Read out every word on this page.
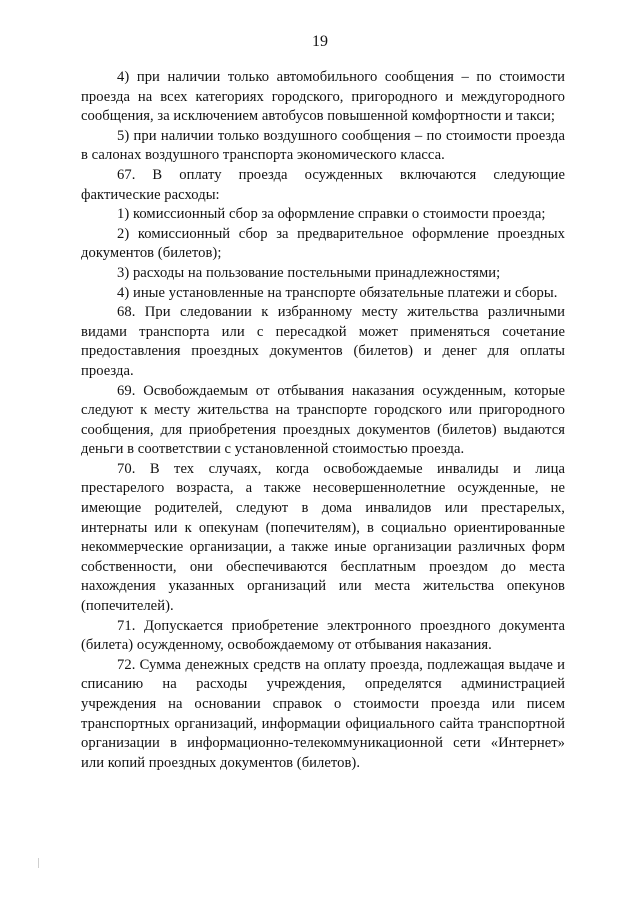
19

4) при наличии только автомобильного сообщения – по стоимости проезда на всех категориях городского, пригородного и междугородного сообщения, за исключением автобусов повышенной комфортности и такси;

5) при наличии только воздушного сообщения – по стоимости проезда в салонах воздушного транспорта экономического класса.

67. В оплату проезда осужденных включаются следующие фактические расходы:

1) комиссионный сбор за оформление справки о стоимости проезда;

2) комиссионный сбор за предварительное оформление проездных документов (билетов);

3) расходы на пользование постельными принадлежностями;

4) иные установленные на транспорте обязательные платежи и сборы.

68. При следовании к избранному месту жительства различными видами транспорта или с пересадкой может применяться сочетание предоставления проездных документов (билетов) и денег для оплаты проезда.

69. Освобождаемым от отбывания наказания осужденным, которые следуют к месту жительства на транспорте городского или пригородного сообщения, для приобретения проездных документов (билетов) выдаются деньги в соответствии с установленной стоимостью проезда.

70. В тех случаях, когда освобождаемые инвалиды и лица престарелого возраста, а также несовершеннолетние осужденные, не имеющие родителей, следуют в дома инвалидов или престарелых, интернаты или к опекунам (попечителям), в социально ориентированные некоммерческие организации, а также иные организации различных форм собственности, они обеспечиваются бесплатным проездом до места нахождения указанных организаций или места жительства опекунов (попечителей).

71. Допускается приобретение электронного проездного документа (билета) осужденному, освобождаемому от отбывания наказания.

72. Сумма денежных средств на оплату проезда, подлежащая выдаче и списанию на расходы учреждения, определятся администрацией учреждения на основании справок о стоимости проезда или писем транспортных организаций, информации официального сайта транспортной организации в информационно-телекоммуникационной сети «Интернет» или копий проездных документов (билетов).
